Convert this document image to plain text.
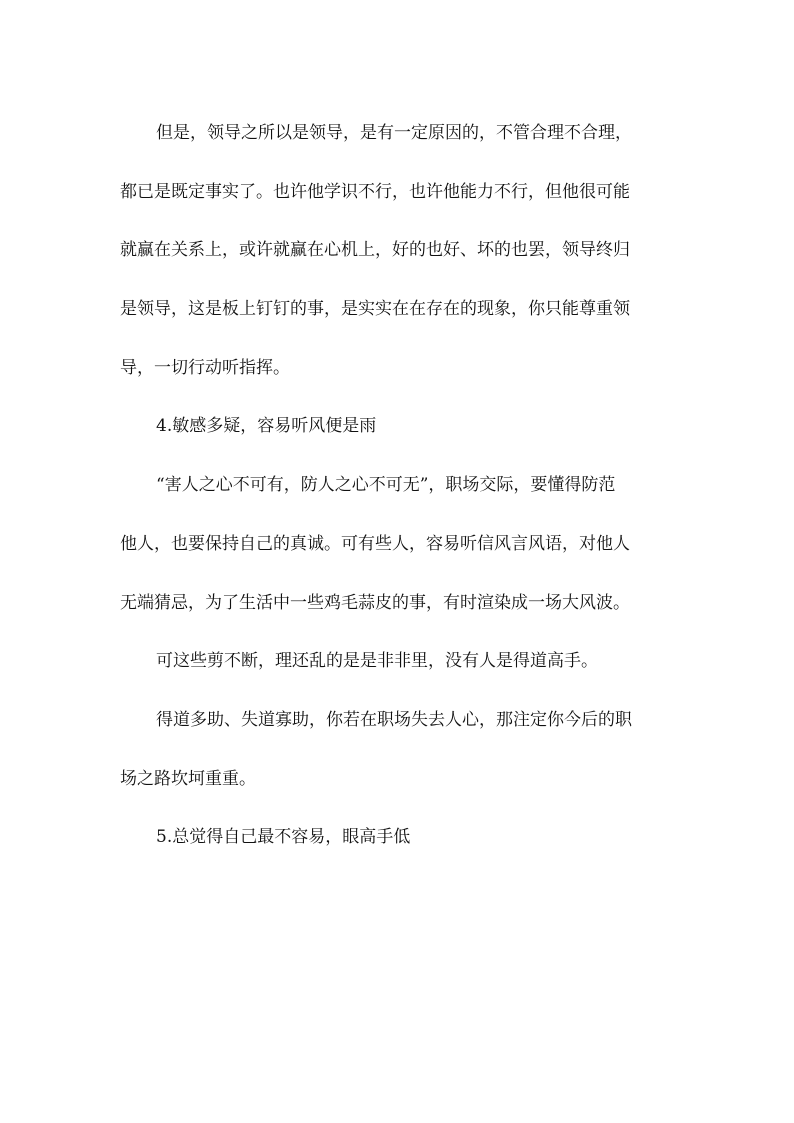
但是，领导之所以是领导，是有一定原因的，不管合理不合理，
都已是既定事实了。也许他学识不行，也许他能力不行，但他很可能
就赢在关系上，或许就赢在心机上，好的也好、坏的也罢，领导终归
是领导，这是板上钉钉的事，是实实在在存在的现象，你只能尊重领
导，一切行动听指挥。
4.敏感多疑，容易听风便是雨
“害人之心不可有，防人之心不可无”，职场交际，要懂得防范
他人，也要保持自己的真诚。可有些人，容易听信风言风语，对他人
无端猜忌，为了生活中一些鸡毛蒜皮的事，有时渲染成一场大风波。
可这些剪不断，理还乱的是是非非里，没有人是得道高手。
得道多助、失道寡助，你若在职场失去人心，那注定你今后的职
场之路坎坷重重。
5.总觉得自己最不容易，眼高手低
